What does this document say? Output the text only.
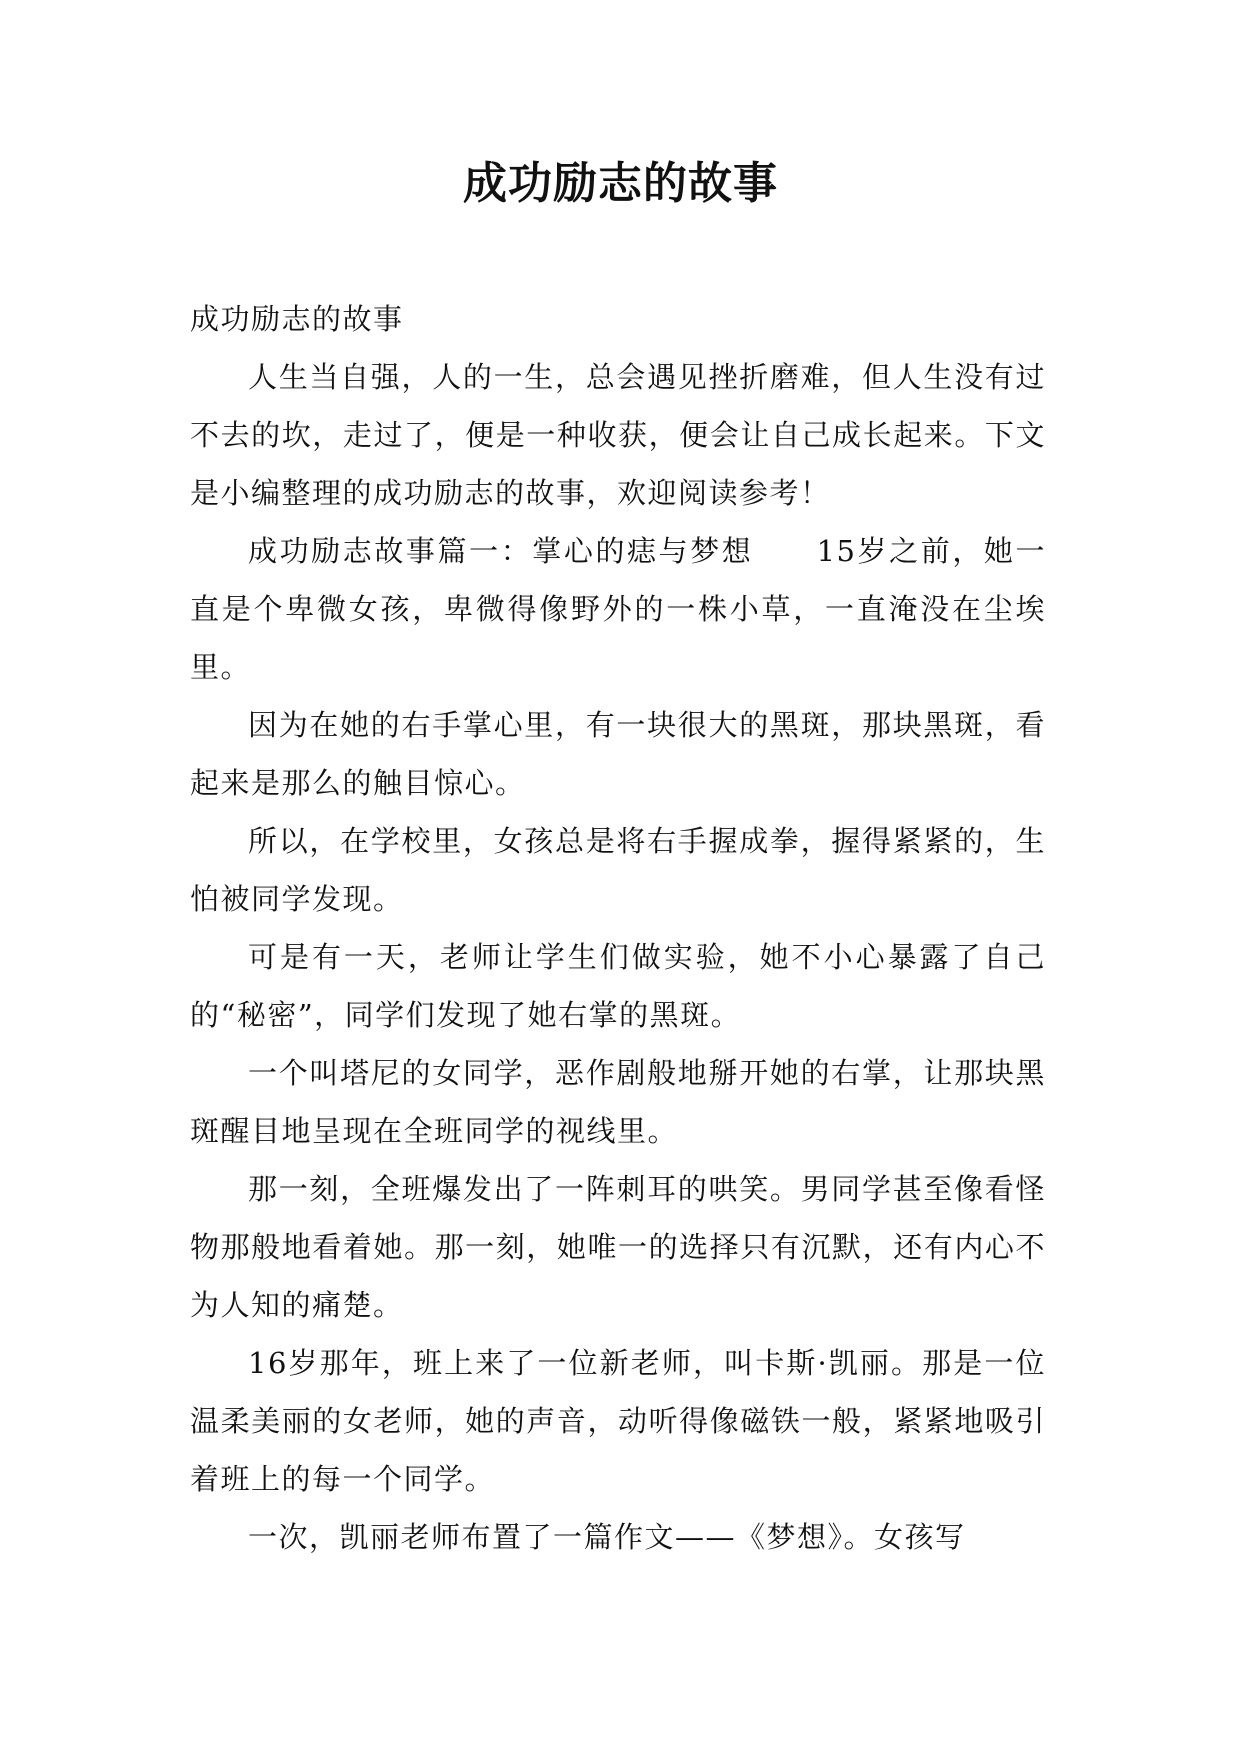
成功励志的故事

成功励志的故事

人生当自强，人的一生，总会遇见挫折磨难，但人生没有过不去的坎，走过了，便是一种收获，便会让自己成长起来。下文是小编整理的成功励志的故事，欢迎阅读参考！

成功励志故事篇一：掌心的痣与梦想　　15岁之前，她一直是个卑微女孩，卑微得像野外的一株小草，一直淹没在尘埃里。

因为在她的右手掌心里，有一块很大的黑斑，那块黑斑，看起来是那么的触目惊心。

所以，在学校里，女孩总是将右手握成拳，握得紧紧的，生怕被同学发现。

可是有一天，老师让学生们做实验，她不小心暴露了自己的“秘密”，同学们发现了她右掌的黑斑。

一个叫塔尼的女同学，恶作剧般地掰开她的右掌，让那块黑斑醒目地呈现在全班同学的视线里。

那一刻，全班爆发出了一阵刺耳的哄笑。男同学甚至像看怪物那般地看着她。那一刻，她唯一的选择只有沉默，还有内心不为人知的痛楚。

16岁那年，班上来了一位新老师，叫卡斯·凯丽。那是一位温柔美丽的女老师，她的声音，动听得像磁铁一般，紧紧地吸引着班上的每一个同学。

一次，凯丽老师布置了一篇作文——《梦想》。女孩写
